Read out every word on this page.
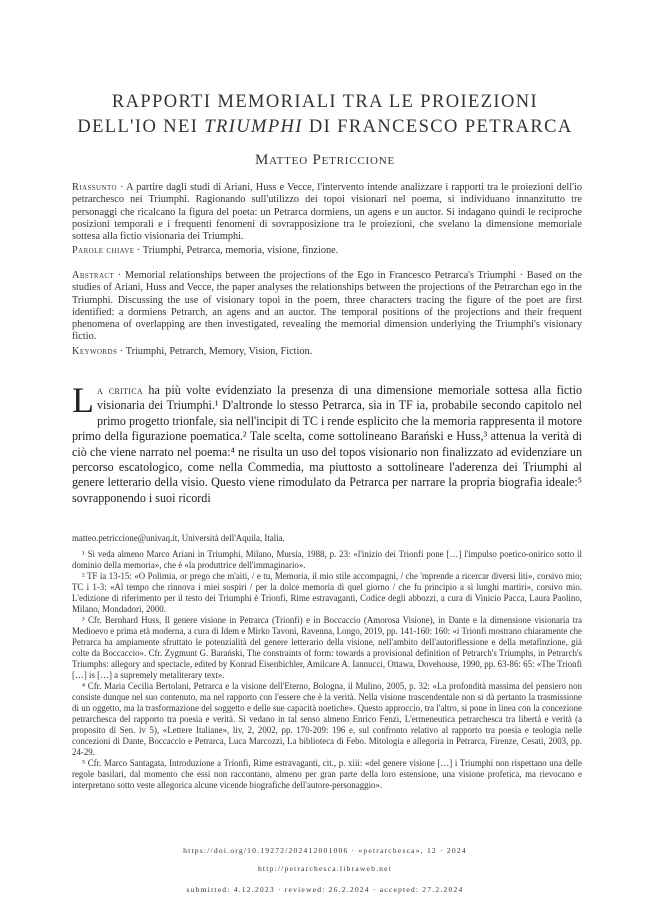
RAPPORTI MEMORIALI TRA LE PROIEZIONI
DELL'IO NEI TRIUMPHI DI FRANCESCO PETRARCA
Matteo Petriccione

Riassunto · A partire dagli studi di Ariani, Huss e Vecce, l'intervento intende analizzare i rapporti tra le proiezioni dell'io petrarchesco nei Triumphi. Ragionando sull'utilizzo dei topoi visionari nel poema, si individuano innanzitutto tre personaggi che ricalcano la figura del poeta: un Petrarca dormiens, un agens e un auctor. Si indagano quindi le reciproche posizioni temporali e i frequenti fenomeni di sovrapposizione tra le proiezioni, che svelano la dimensione memoriale sottesa alla fictio visionaria dei Triumphi.

Parole chiave · Triumphi, Petrarca, memoria, visione, finzione.

Abstract · Memorial relationships between the projections of the Ego in Francesco Petrarca's Triumphi · Based on the studies of Ariani, Huss and Vecce, the paper analyses the relationships between the projections of the Petrarchan ego in the Triumphi. Discussing the use of visionary topoi in the poem, three characters tracing the figure of the poet are first identified: a dormiens Petrarch, an agens and an auctor. The temporal positions of the projections and their frequent phenomena of overlapping are then investigated, revealing the memorial dimension underlying the Triumphi's visionary fictio.

Keywords · Triumphi, Petrarch, Memory, Vision, Fiction.

La critica ha più volte evidenziato la presenza di una dimensione memoriale sottesa alla fictio visionaria dei Triumphi.¹ D'altronde lo stesso Petrarca, sia in TF ia, probabile secondo capitolo nel primo progetto trionfale, sia nell'incipit di TC i rende esplicito che la memoria rappresenta il motore primo della figurazione poematica.² Tale scelta, come sottolineano Barański e Huss,³ attenua la verità di ciò che viene narrato nel poema:⁴ ne risulta un uso del topos visionario non finalizzato ad evidenziare un percorso escatologico, come nella Commedia, ma piuttosto a sottolineare l'aderenza dei Triumphi al genere letterario della visio. Questo viene rimodulato da Petrarca per narrare la propria biografia ideale:⁵ sovrapponendo i suoi ricordi

matteo.petriccione@univaq.it, Università dell'Aquila, Italia.

¹ Si veda almeno Marco Ariani in Triumphi, Milano, Mursia, 1988, p. 23: «l'inizio dei Trionfi pone […] l'impulso poetico-onirico sotto il dominio della memoria», che è «la produttrice dell'immaginario».

² TF ia 13-15: «O Polimia, or prego che m'aiti, / e tu, Memoria, il mio stile accompagni, / che 'mprende a ricercar diversi liti», corsivo mio; TC i 1-3: «Al tempo che rinnova i miei sospiri / per la dolce memoria di quel giorno / che fu principio a sì lunghi martiri», corsivo mio. L'edizione di riferimento per il testo dei Triumphi è Trionfi, Rime estravaganti, Codice degli abbozzi, a cura di Vinicio Pacca, Laura Paolino, Milano, Mondadori, 2000.

³ Cfr. Bernhard Huss, Il genere visione in Petrarca (Trionfi) e in Boccaccio (Amorosa Visione), in Dante e la dimensione visionaria tra Medioevo e prima età moderna, a cura di Idem e Mirko Tavoni, Ravenna, Longo, 2019, pp. 141-160: 160: «i Trionfi mostrano chiaramente che Petrarca ha ampiamente sfruttato le potenzialità del genere letterario della visione, nell'ambito dell'autoriflessione e della metafinzione, già colte da Boccaccio». Cfr. Zygmunt G. Barański, The constraints of form: towards a provisional definition of Petrarch's Triumphs, in Petrarch's Triumphs: allegory and spectacle, edited by Konrad Eisenbichler, Amilcare A. Iannucci, Ottawa, Dovehouse, 1990, pp. 63-86: 65: «The Trionfi […] is […] a supremely metaliterary text».

⁴ Cfr. Maria Cecilia Bertolani, Petrarca e la visione dell'Eterno, Bologna, il Mulino, 2005, p. 32: «La profondità massima del pensiero non consiste dunque nel suo contenuto, ma nel rapporto con l'essere che è la verità. Nella visione trascendentale non si dà pertanto la trasmissione di un oggetto, ma la trasformazione del soggetto e delle sue capacità noetiche». Questo approccio, tra l'altro, si pone in linea con la concezione petrarchesca del rapporto tra poesia e verità. Si vedano in tal senso almeno Enrico Fenzi, L'ermeneutica petrarchesca tra libertà e verità (a proposito di Sen. iv 5), «Lettere Italiane», liv, 2, 2002, pp. 170-209: 196 e, sul confronto relativo al rapporto tra poesia e teologia nelle concezioni di Dante, Boccaccio e Petrarca, Luca Marcozzi, La biblioteca di Febo. Mitologia e allegoria in Petrarca, Firenze, Cesati, 2003, pp. 24-29.

⁵ Cfr. Marco Santagata, Introduzione a Trionfi, Rime estravaganti, cit., p. xiii: «del genere visione […] i Triumphi non rispettano una delle regole basilari, dal momento che essi non raccontano, almeno per gran parte della loro estensione, una visione profetica, ma rievocano e interpretano sotto veste allegorica alcune vicende biografiche dell'autore-personaggio».

https://doi.org/10.19272/202412001006 · «petrarchesca», 12 · 2024
http://petrarchesca.libraweb.net
submitted: 4.12.2023 · reviewed: 26.2.2024 · accepted: 27.2.2024
